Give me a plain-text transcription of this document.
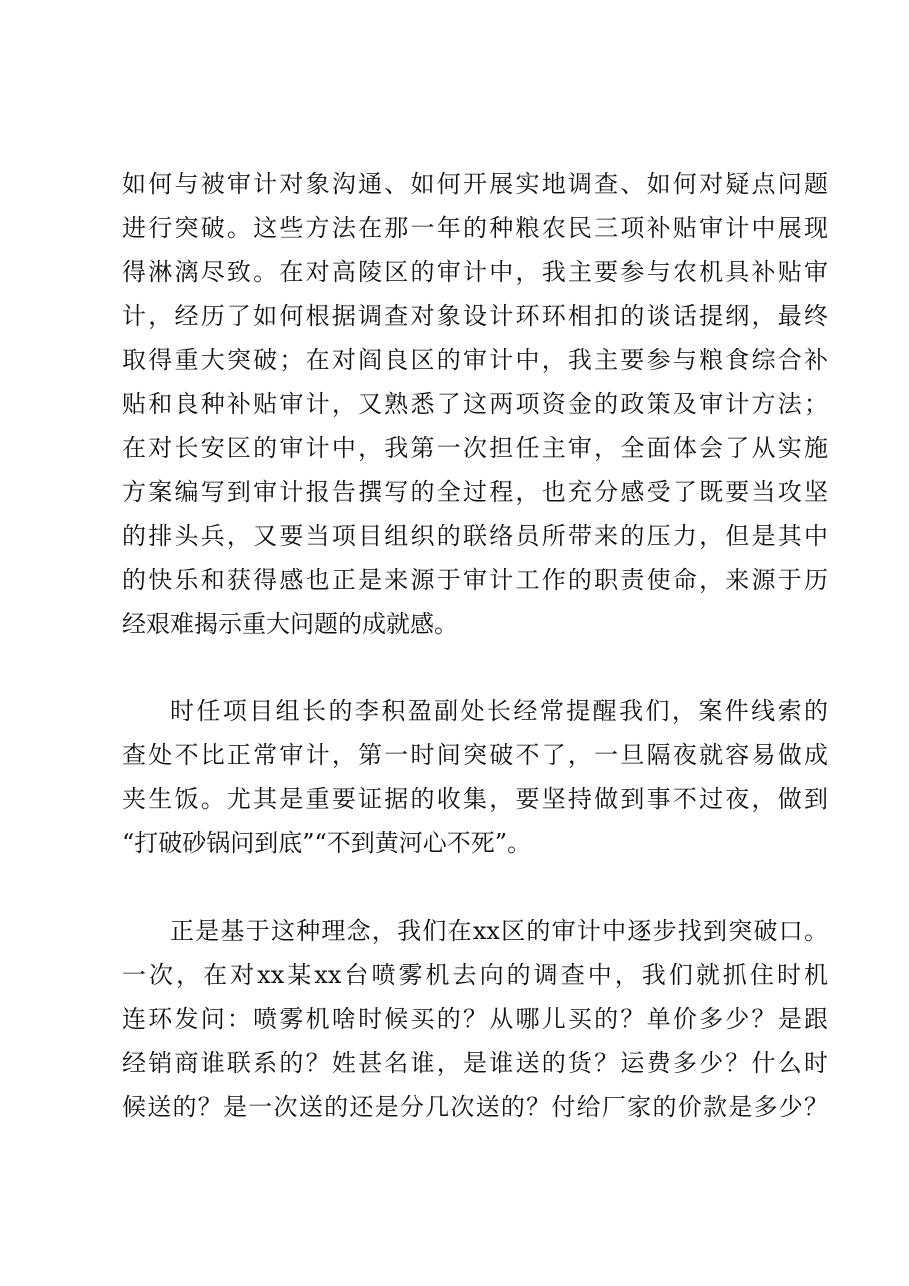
如何与被审计对象沟通、如何开展实地调查、如何对疑点问题
进行突破。这些方法在那一年的种粮农民三项补贴审计中展现
得淋漓尽致。在对高陵区的审计中，我主要参与农机具补贴审
计，经历了如何根据调查对象设计环环相扣的谈话提纲，最终
取得重大突破；在对阎良区的审计中，我主要参与粮食综合补
贴和良种补贴审计，又熟悉了这两项资金的政策及审计方法；
在对长安区的审计中，我第一次担任主审，全面体会了从实施
方案编写到审计报告撰写的全过程，也充分感受了既要当攻坚
的排头兵，又要当项目组织的联络员所带来的压力，但是其中
的快乐和获得感也正是来源于审计工作的职责使命，来源于历
经艰难揭示重大问题的成就感。
时任项目组长的李积盈副处长经常提醒我们，案件线索的
查处不比正常审计，第一时间突破不了，一旦隔夜就容易做成
夹生饭。尤其是重要证据的收集，要坚持做到事不过夜，做到
“打破砂锅问到底”“不到黄河心不死”。
正是基于这种理念，我们在xx区的审计中逐步找到突破口。
一次，在对xx某xx台喷雾机去向的调查中，我们就抓住时机
连环发问：喷雾机啥时候买的？从哪儿买的？单价多少？是跟
经销商谁联系的？姓甚名谁，是谁送的货？运费多少？什么时
候送的？是一次送的还是分几次送的？付给厂家的价款是多少？
